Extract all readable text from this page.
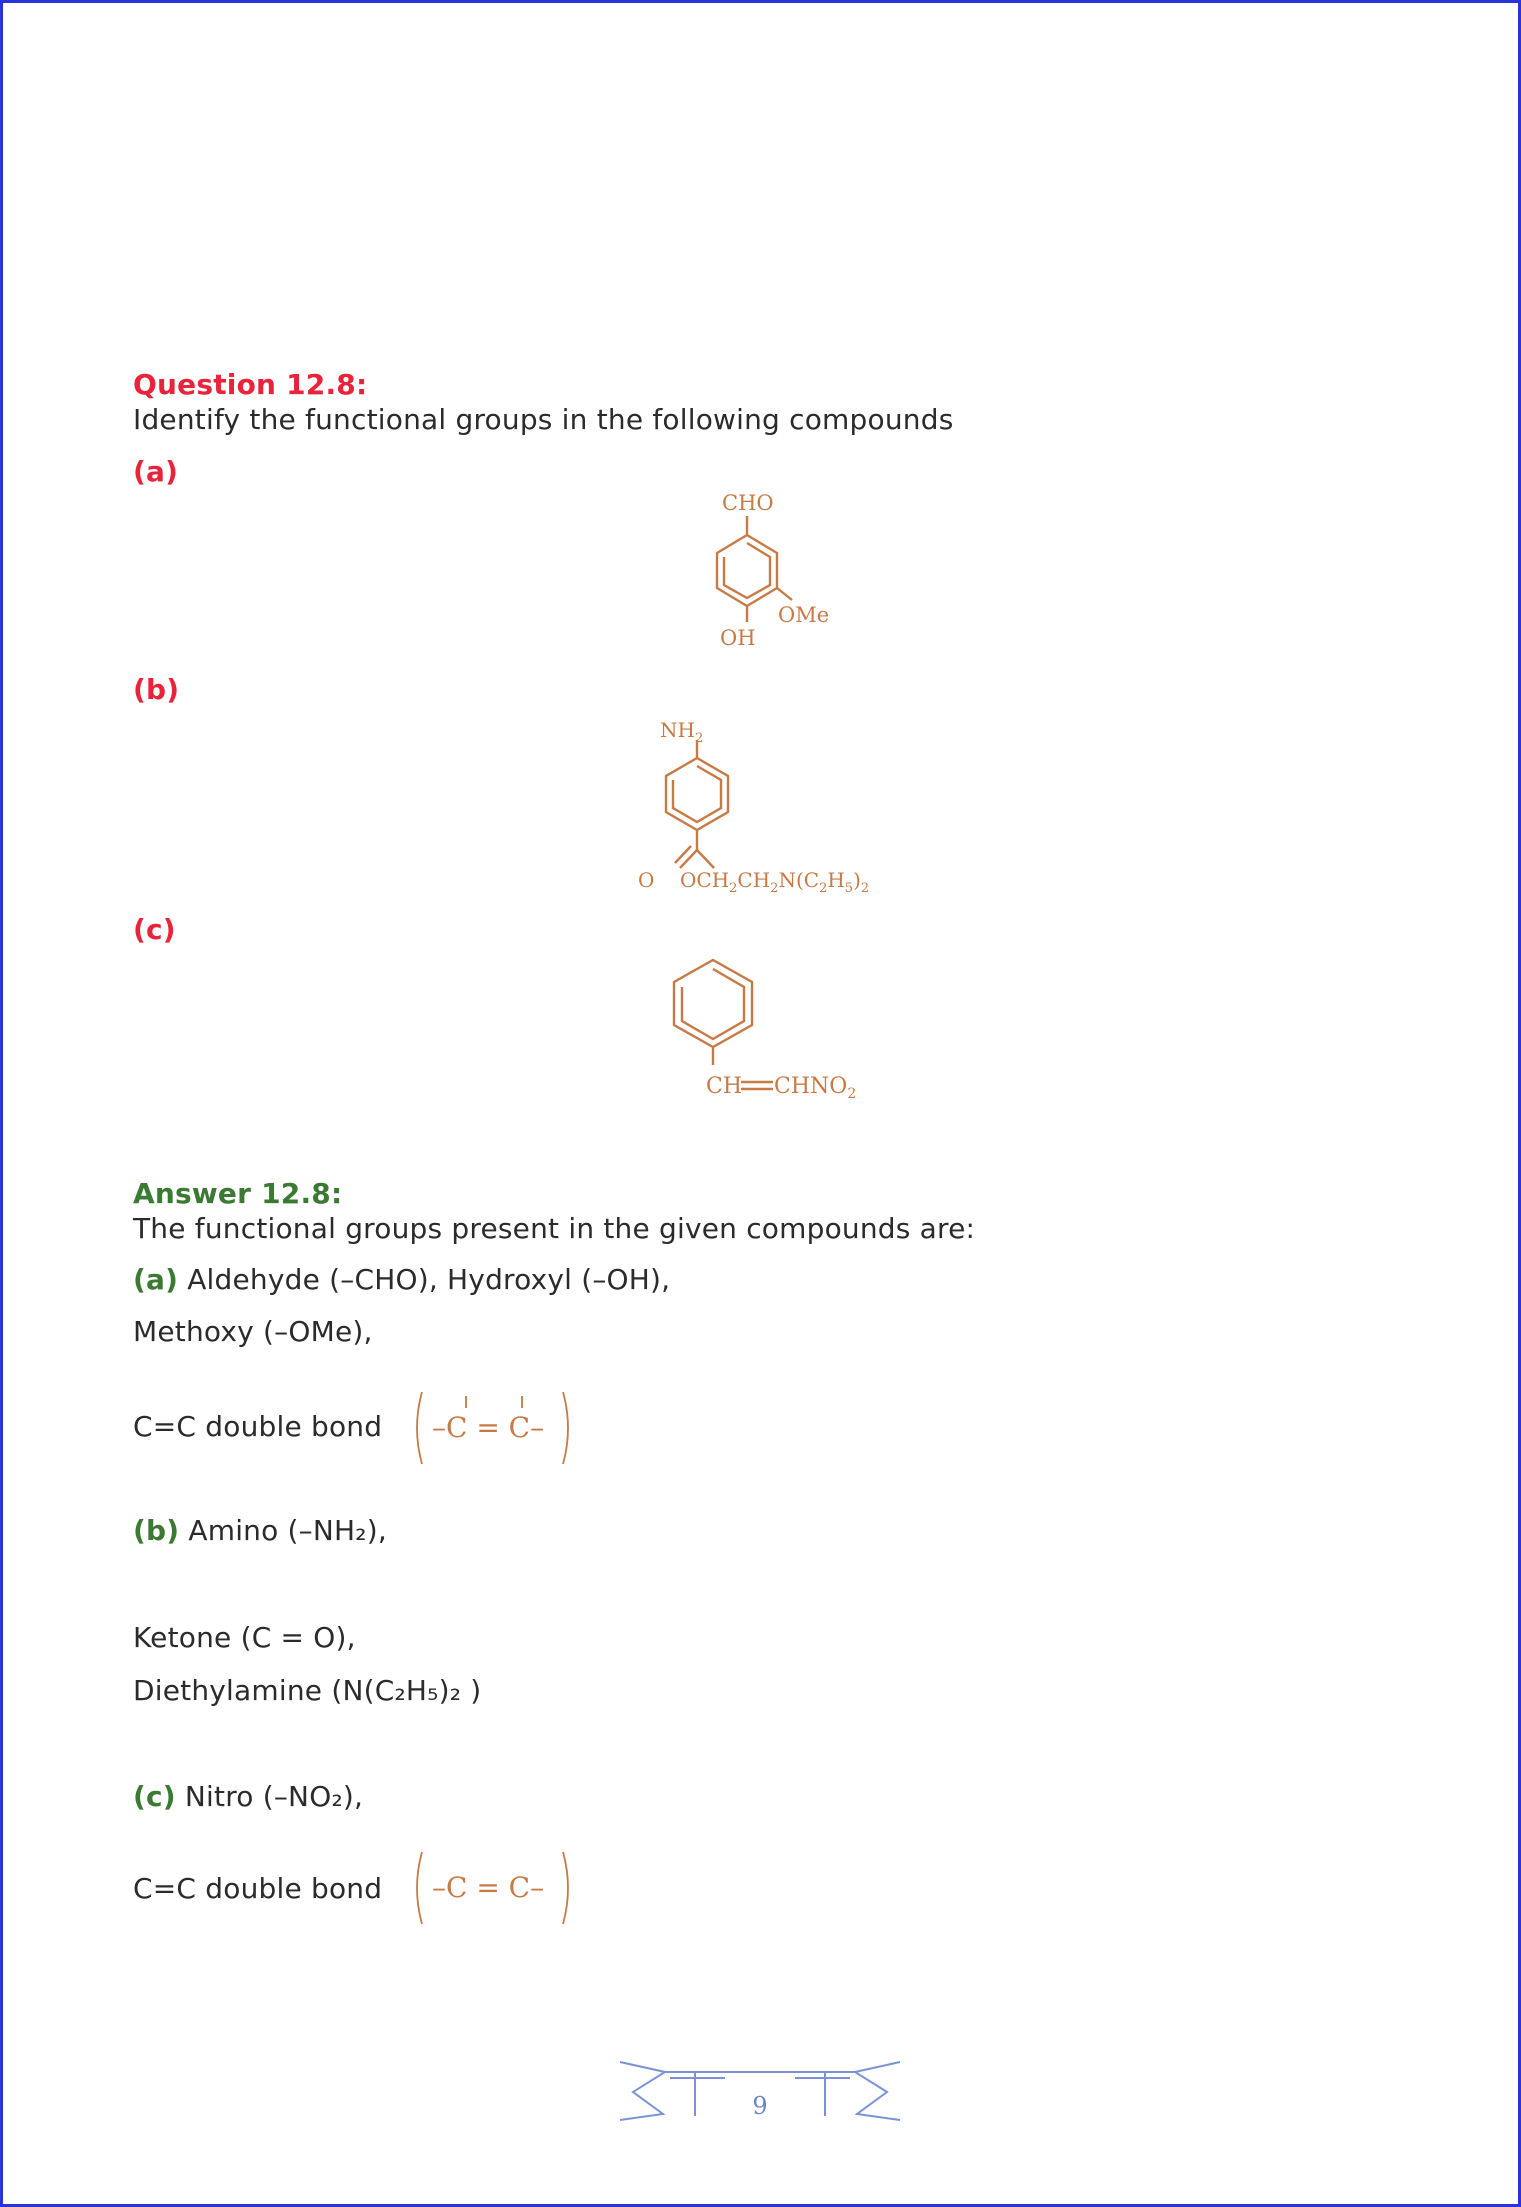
Question 12.8:
Identify the functional groups in the following compounds
(a)
(b)
(c)
CHO
OMe
OH
$NH_2$
O $OCH_2CH_2N(C_2H_5)_2$
CH $CHNO_2$
Answer 12.8:
The functional groups present in the given compounds are:
(a) Aldehyde (–CHO), Hydroxyl (–OH),
Methoxy (–OMe),
C=C double bond –C = C–
(b) Amino (–NH₂),
Ketone (C = O),
Diethylamine (N(C₂H₅)₂ )
(c) Nitro (–NO₂),
C=C double bond –C = C–
9
